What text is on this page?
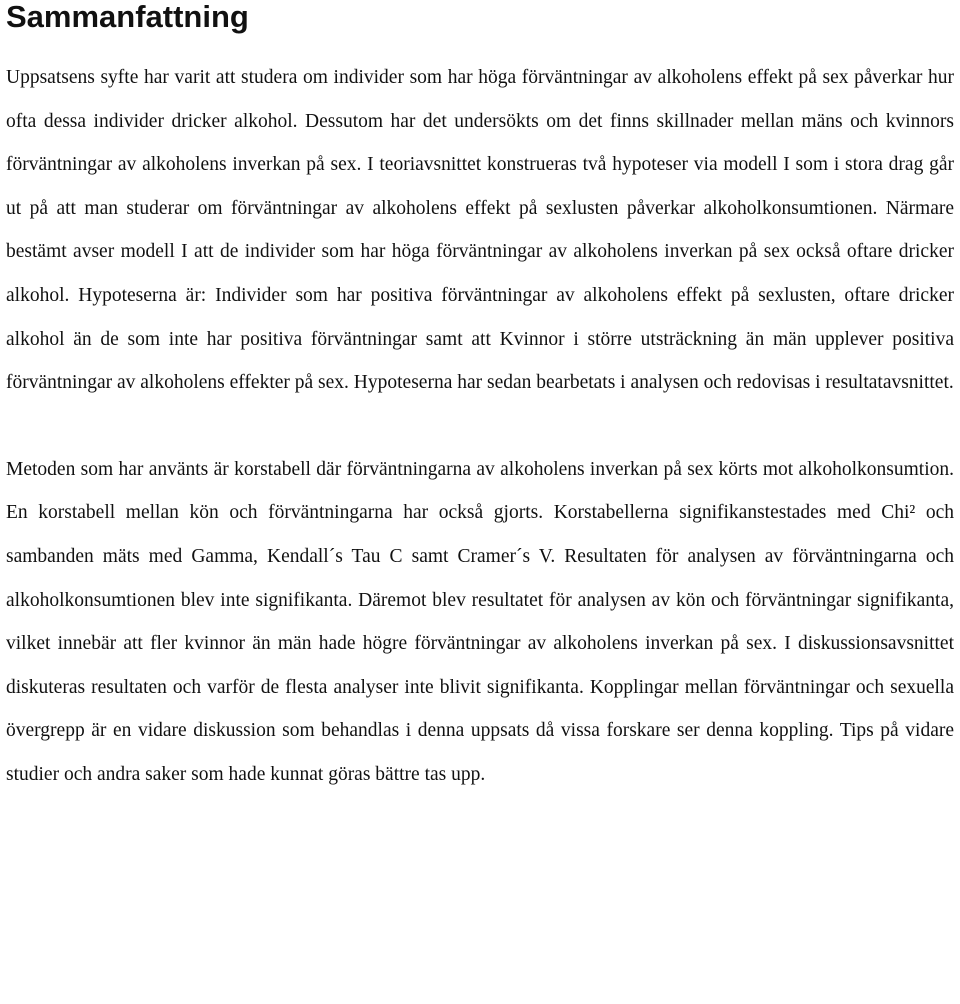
Sammanfattning

Uppsatsens syfte har varit att studera om individer som har höga förväntningar av alkoholens effekt på sex påverkar hur ofta dessa individer dricker alkohol. Dessutom har det undersökts om det finns skillnader mellan mäns och kvinnors förväntningar av alkoholens inverkan på sex. I teoriavsnittet konstrueras två hypoteser via modell I som i stora drag går ut på att man studerar om förväntningar av alkoholens effekt på sexlusten påverkar alkoholkonsumtionen. Närmare bestämt avser modell I att de individer som har höga förväntningar av alkoholens inverkan på sex också oftare dricker alkohol. Hypoteserna är: Individer som har positiva förväntningar av alkoholens effekt på sexlusten, oftare dricker alkohol än de som inte har positiva förväntningar samt att Kvinnor i större utsträckning än män upplever positiva förväntningar av alkoholens effekter på sex. Hypoteserna har sedan bearbetats i analysen och redovisas i resultatavsnittet.

Metoden som har använts är korstabell där förväntningarna av alkoholens inverkan på sex körts mot alkoholkonsumtion. En korstabell mellan kön och förväntningarna har också gjorts. Korstabellerna signifikanstestades med Chi² och sambanden mäts med Gamma, Kendall´s Tau C samt Cramer´s V. Resultaten för analysen av förväntningarna och alkoholkonsumtionen blev inte signifikanta. Däremot blev resultatet för analysen av kön och förväntningar signifikanta, vilket innebär att fler kvinnor än män hade högre förväntningar av alkoholens inverkan på sex. I diskussionsavsnittet diskuteras resultaten och varför de flesta analyser inte blivit signifikanta. Kopplingar mellan förväntningar och sexuella övergrepp är en vidare diskussion som behandlas i denna uppsats då vissa forskare ser denna koppling. Tips på vidare studier och andra saker som hade kunnat göras bättre tas upp.
